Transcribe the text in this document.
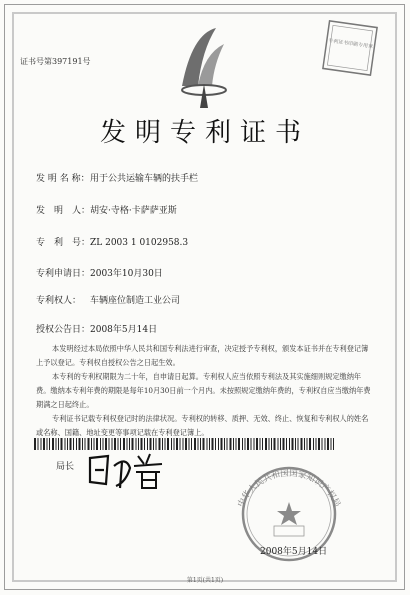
证书号第397191号
专利证书印刷专用章
发明专利证书
发 明 名 称：用于公共运输车辆的扶手栏
发　明　人：胡安·寺格·卡萨萨亚斯
专　利　号：ZL 2003 1 0102958.3
专利申请日：2003年10月30日
专利权人： 车辆座位制造工业公司
授权公告日：2008年5月14日

本发明经过本局依照中华人民共和国专利法进行审查，决定授予专利权，颁发本证书并在专利登记簿上予以登记。专利权自授权公告之日起生效。

本专利的专利权期限为二十年，自申请日起算。专利权人应当依照专利法及其实施细则规定缴纳年费。缴纳本专利年费的期限是每年10月30日前一个月内。未按照规定缴纳年费的，专利权自应当缴纳年费期满之日起终止。

专利证书记载专利权登记时的法律状况。专利权的转移、质押、无效、终止、恢复和专利权人的姓名或名称、国籍、地址变更等事项记载在专利登记簿上。

局长
中华人民共和国国家知识产权局
2008年5月14日
第1页(共1页)
